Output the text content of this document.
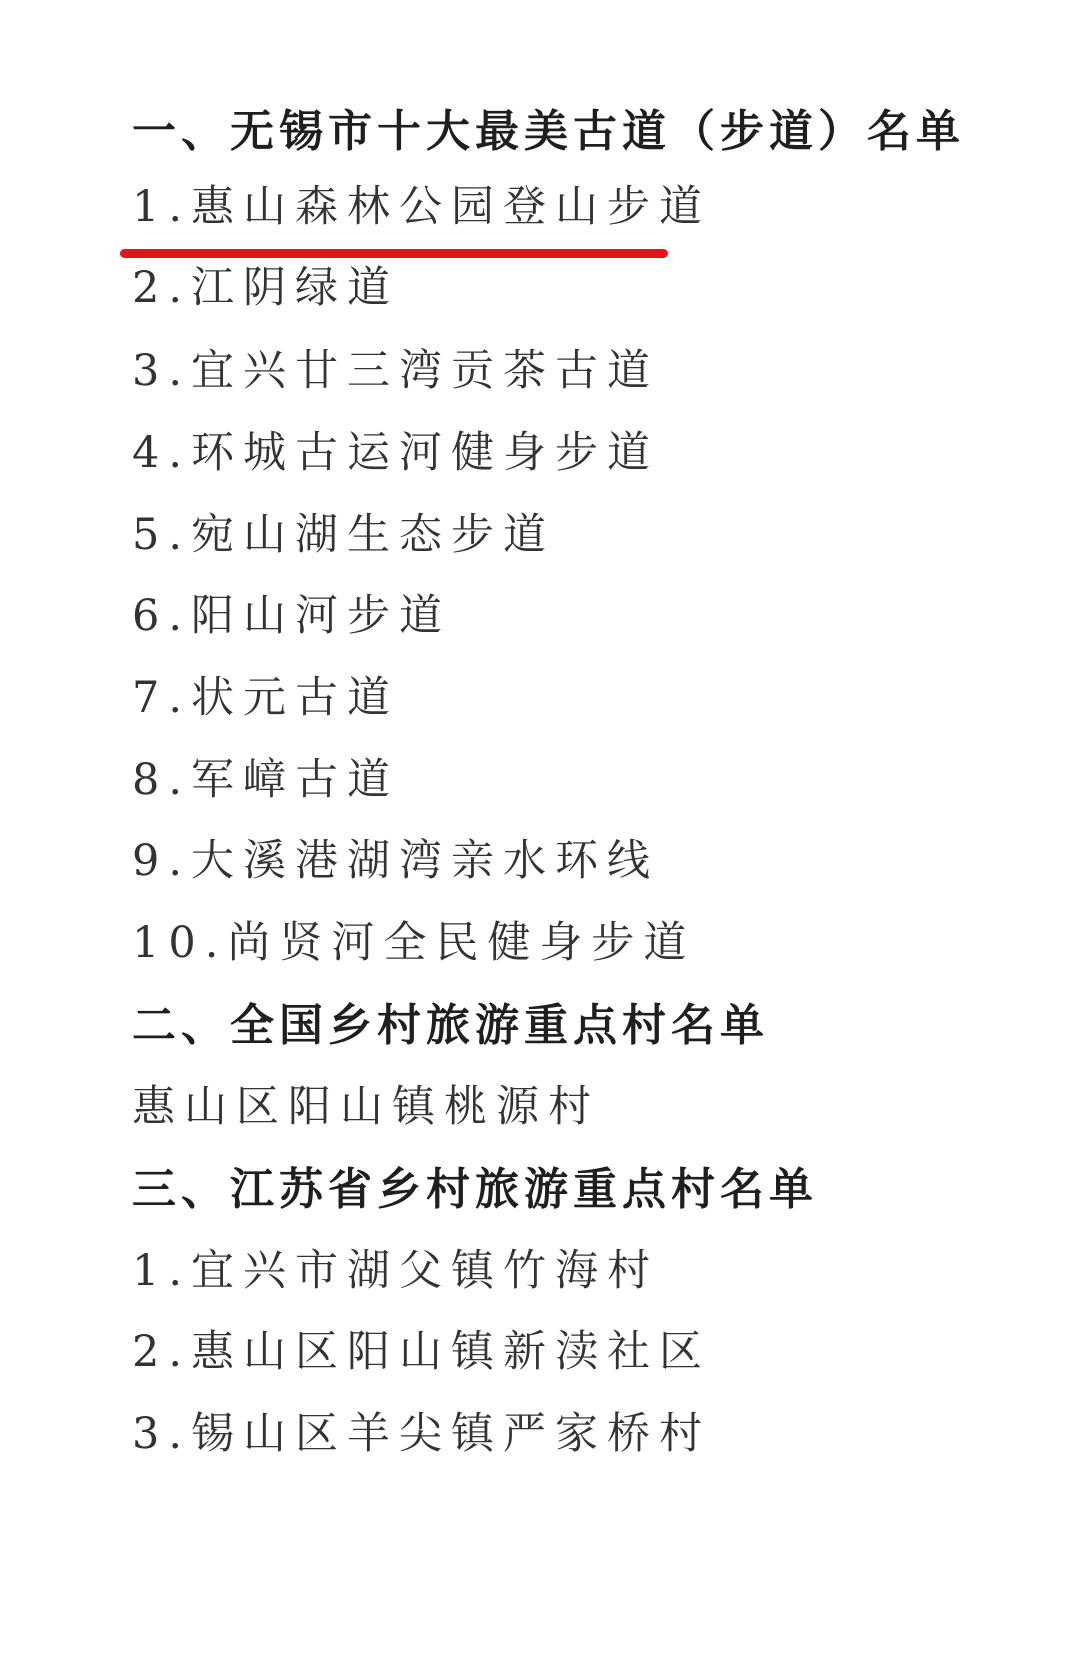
一、无锡市十大最美古道（步道）名单
1.惠山森林公园登山步道
2.江阴绿道
3.宜兴廿三湾贡茶古道
4.环城古运河健身步道
5.宛山湖生态步道
6.阳山河步道
7.状元古道
8.军嶂古道
9.大溪港湖湾亲水环线
10.尚贤河全民健身步道
二、全国乡村旅游重点村名单
惠山区阳山镇桃源村
三、江苏省乡村旅游重点村名单
1.宜兴市湖父镇竹海村
2.惠山区阳山镇新渎社区
3.锡山区羊尖镇严家桥村
